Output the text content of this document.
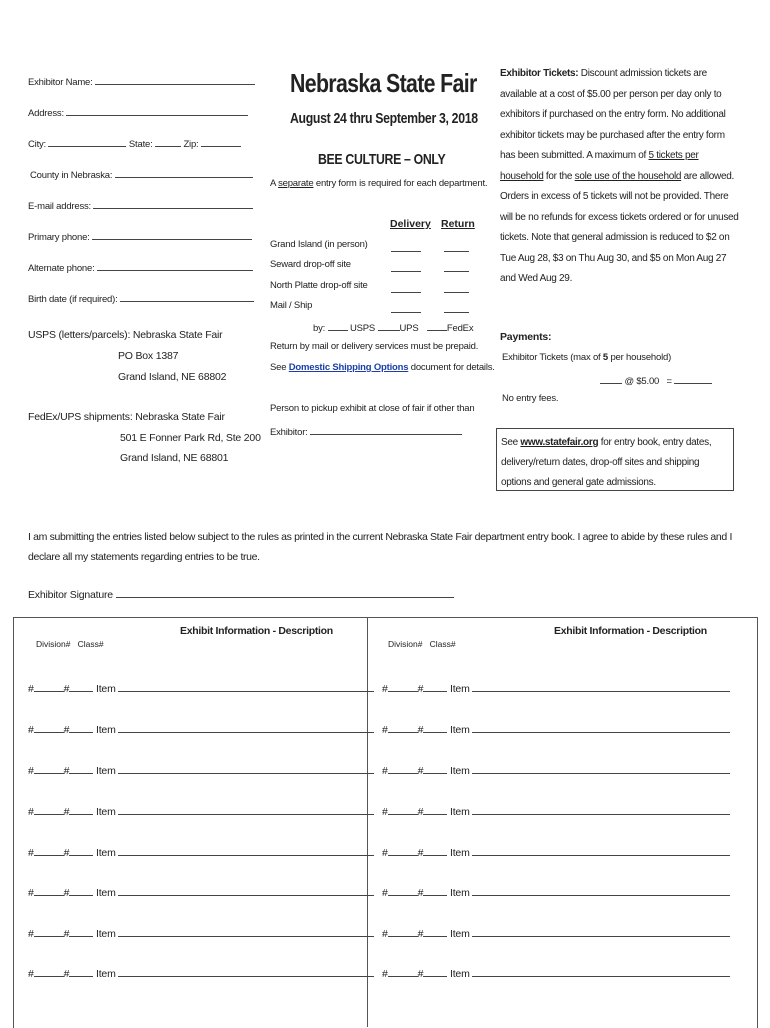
Exhibitor Name:
Address:
City:	State:	Zip:
County in Nebraska:
E-mail address:
Primary phone:
Alternate phone:
Birth date (if required):
USPS (letters/parcels): Nebraska State Fair
PO Box 1387
Grand Island, NE 68802
FedEx/UPS shipments: Nebraska State Fair
501 E Fonner Park Rd, Ste 200
Grand Island, NE 68801
Nebraska State Fair
August 24 thru September 3, 2018
BEE CULTURE – ONLY
A separate entry form is required for each department.
Delivery Return
Grand Island (in person)
Seward drop-off site
North Platte drop-off site
Mail / Ship
by:	USPS	UPS	FedEx
Return by mail or delivery services must be prepaid.
See Domestic Shipping Options document for details.
Person to pickup exhibit at close of fair if other than
Exhibitor:

Exhibitor Tickets: Discount admission tickets are available at a cost of $5.00 per person per day only to exhibitors if purchased on the entry form. No additional exhibitor tickets may be purchased after the entry form has been submitted. A maximum of 5 tickets per household for the sole use of the household are allowed. Orders in excess of 5 tickets will not be provided. There will be no refunds for excess tickets ordered or for unused tickets. Note that general admission is reduced to $2 on Tue Aug 28, $3 on Thu Aug 30, and $5 on Mon Aug 27 and Wed Aug 29.

Payments:
Exhibitor Tickets (max of 5 per household)
@ $5.00 =
No entry fees.
See www.statefair.org for entry book, entry dates, delivery/return dates, drop-off sites and shipping options and general gate admissions.
I am submitting the entries listed below subject to the rules as printed in the current Nebraska State Fair department entry book. I agree to abide by these rules and I declare all my statements regarding entries to be true.
Exhibitor Signature
Exhibit Information - Description	Exhibit Information - Description
Division# Class#	Division# Class#
#	#	Item
#	#	Item
#	#	Item
#	#	Item
#	#	Item
#	#	Item
#	#	Item
#	#	Item
#	#	Item
#	#	Item
#	#	Item
#	#	Item
#	#	Item
#	#	Item
#	#	Item
#	#	Item
